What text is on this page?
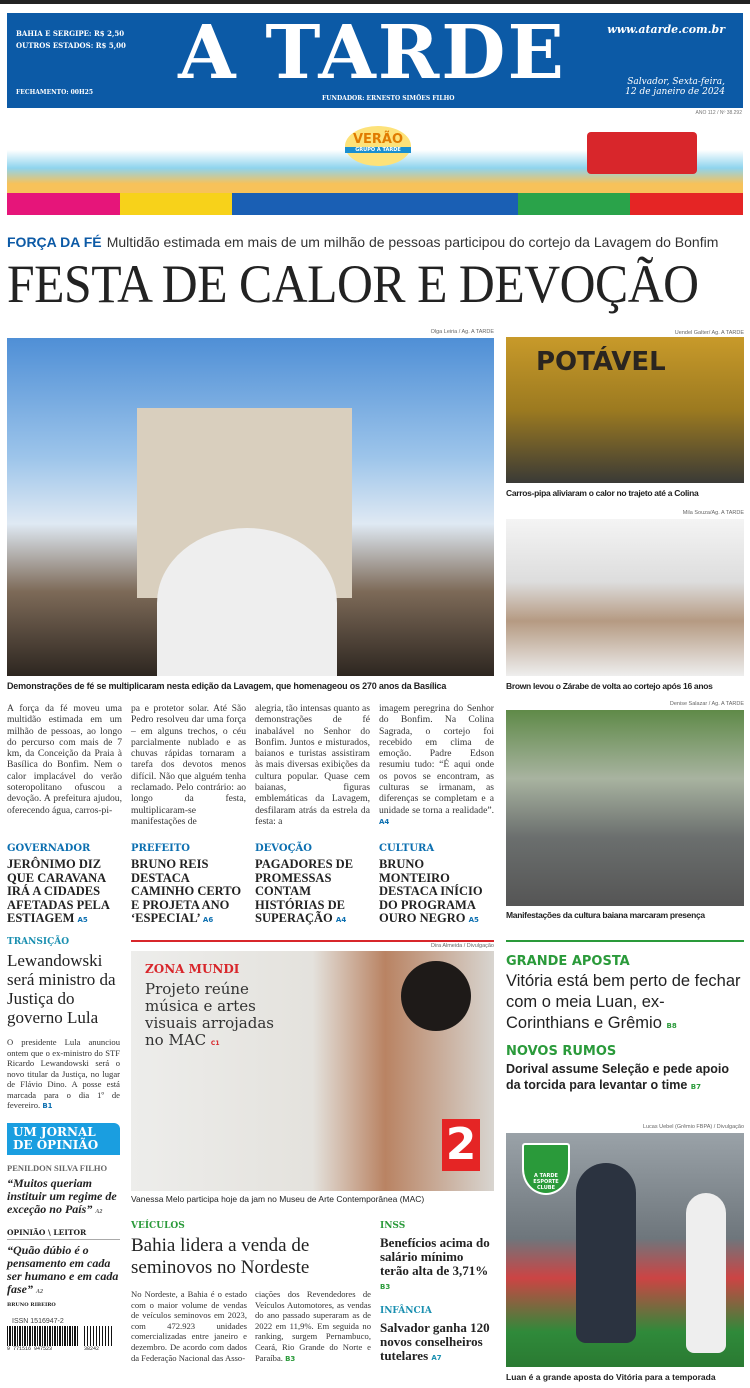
BAHIA E SERGIPE: R$ 2,50
OUTROS ESTADOS: R$ 5,00
FECHAMENTO: 00H25	A TARDE
FUNDADOR: ERNESTO SIMÕES FILHO
www.atarde.com.br
Salvador, Sexta-feira,
12 de janeiro de 2024
ANO 112 / Nº 38.292
VERÃO
GRUPO A TARDE
FORÇA DA FÉ Multidão estimada em mais de um milhão de pessoas participou do cortejo da Lavagem do Bonfim
FESTA DE CALOR E DEVOÇÃO
Olga Leiria / Ag. A TARDE
Demonstrações de fé se multiplicaram nesta edição da Lavagem, que homenageou os 270 anos da Basílica

A força da fé moveu uma multidão estimada em um milhão de pessoas, ao longo do percurso com mais de 7 km, da Conceição da Praia à Basílica do Bonfim. Nem o calor implacável do verão soteropolitano ofuscou a devoção. A prefeitura ajudou, oferecendo água, carros-pi-

pa e protetor solar. Até São Pedro resolveu dar uma força – em alguns trechos, o céu parcialmente nublado e as chuvas rápidas tornaram a tarefa dos devotos menos difícil. Não que alguém tenha reclamado. Pelo contrário: ao longo da festa, multiplicaram-se manifestações de

alegria, tão intensas quanto as demonstrações de fé inabalável no Senhor do Bonfim. Juntos e misturados, baianos e turistas assistiram às mais diversas exibições da cultura popular. Quase cem baianas, figuras emblemáticas da Lavagem, desfilaram atrás da estrela da festa: a

imagem peregrina do Senhor do Bonfim. Na Colina Sagrada, o cortejo foi recebido em clima de emoção. Padre Edson resumiu tudo: “É aqui onde os povos se encontram, as culturas se irmanam, as diferenças se completam e a unidade se torna a realidade”. A4

Uendel Galter/ Ag. A TARDE
POTÁVEL
Carros-pipa aliviaram o calor no trajeto até a Colina
Mila Souza/Ag. A TARDE
Brown levou o Zárabe de volta ao cortejo após 16 anos
Denise Salazar / Ag. A TARDE
Manifestações da cultura baiana marcaram presença
GOVERNADOR
JERÔNIMO DIZ QUE CARAVANA IRÁ A CIDADES AFETADAS PELA ESTIAGEM A5
PREFEITO
BRUNO REIS DESTACA CAMINHO CERTO E PROJETA ANO ‘ESPECIAL’ A6
DEVOÇÃO
PAGADORES DE PROMESSAS CONTAM HISTÓRIAS DE SUPERAÇÃO A4
CULTURA
BRUNO MONTEIRO DESTACA INÍCIO DO PROGRAMA OURO NEGRO A5
TRANSIÇÃO
Lewandowski será ministro da Justiça do governo Lula

O presidente Lula anunciou ontem que o ex-ministro do STF Ricardo Lewandowski será o novo titular da Justiça, no lugar de Flávio Dino. A posse está marcada para o dia 1º de fevereiro. B1

UM JORNAL DE OPINIÃO
PENILDON SILVA FILHO
“Muitos queriam instituir um regime de exceção no País” A2
OPINIÃO \ LEITOR
“Quão dúbio é o pensamento em cada ser humano e em cada fase” A2
BRUNO RIBEIRO
ISSN 1516947-2
9 771516 947523	38242
Dira Almeida / Divulgação
ZONA MUNDI
Projeto reúne música e artes visuais arrojadas no MAC C1
2
Vanessa Melo participa hoje da jam no Museu de Arte Contemporânea (MAC)
VEÍCULOS
Bahia lidera a venda de seminovos no Nordeste

No Nordeste, a Bahia é o estado com o maior volume de vendas de veículos seminovos em 2023, com 472.923 unidades comercializadas entre janeiro e dezembro. De acordo com dados da Federação Nacional das Asso-

ciações dos Revendedores de Veículos Automotores, as vendas do ano passado superaram as de 2022 em 11,9%. Em seguida no ranking, surgem Pernambuco, Ceará, Rio Grande do Norte e Paraíba. B3

INSS
Benefícios acima do salário mínimo terão alta de 3,71% B3
INFÂNCIA
Salvador ganha 120 novos conselheiros tutelares A7
GRANDE APOSTA
Vitória está bem perto de fechar com o meia Luan, ex-Corinthians e Grêmio B8
NOVOS RUMOS
Dorival assume Seleção e pede apoio da torcida para levantar o time B7
Lucas Uebel (Grêmio FBPA) / Divulgação
A TARDE ESPORTE CLUBE
Luan é a grande aposta do Vitória para a temporada
